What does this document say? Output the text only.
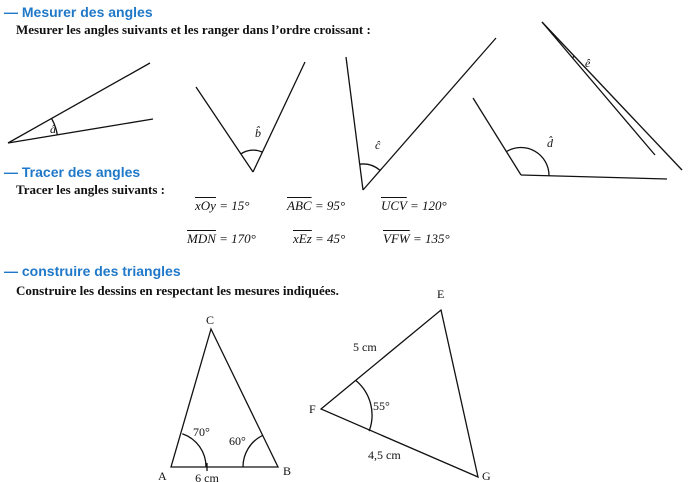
— Mesurer des angles

Mesurer les angles suivants et les ranger dans l’ordre croissant :

— Tracer des angles

Tracer les angles suivants :

$\overline{xOy} = 15^\circ$	$\overline{ABC} = 95^\circ$	$\overline{UCV} = 120^\circ$
$\overline{MDN} = 170^\circ$	$\overline{xEz} = 45^\circ$	$\overline{VFW} = 135^\circ$
— construire des triangles

Construire les dessins en respectant les mesures indiquées.

â	b̂
ĉ	d̂
ê
C
A	B
70°
60°
6 cm
E
F
G
5 cm
55°
4,5 cm
